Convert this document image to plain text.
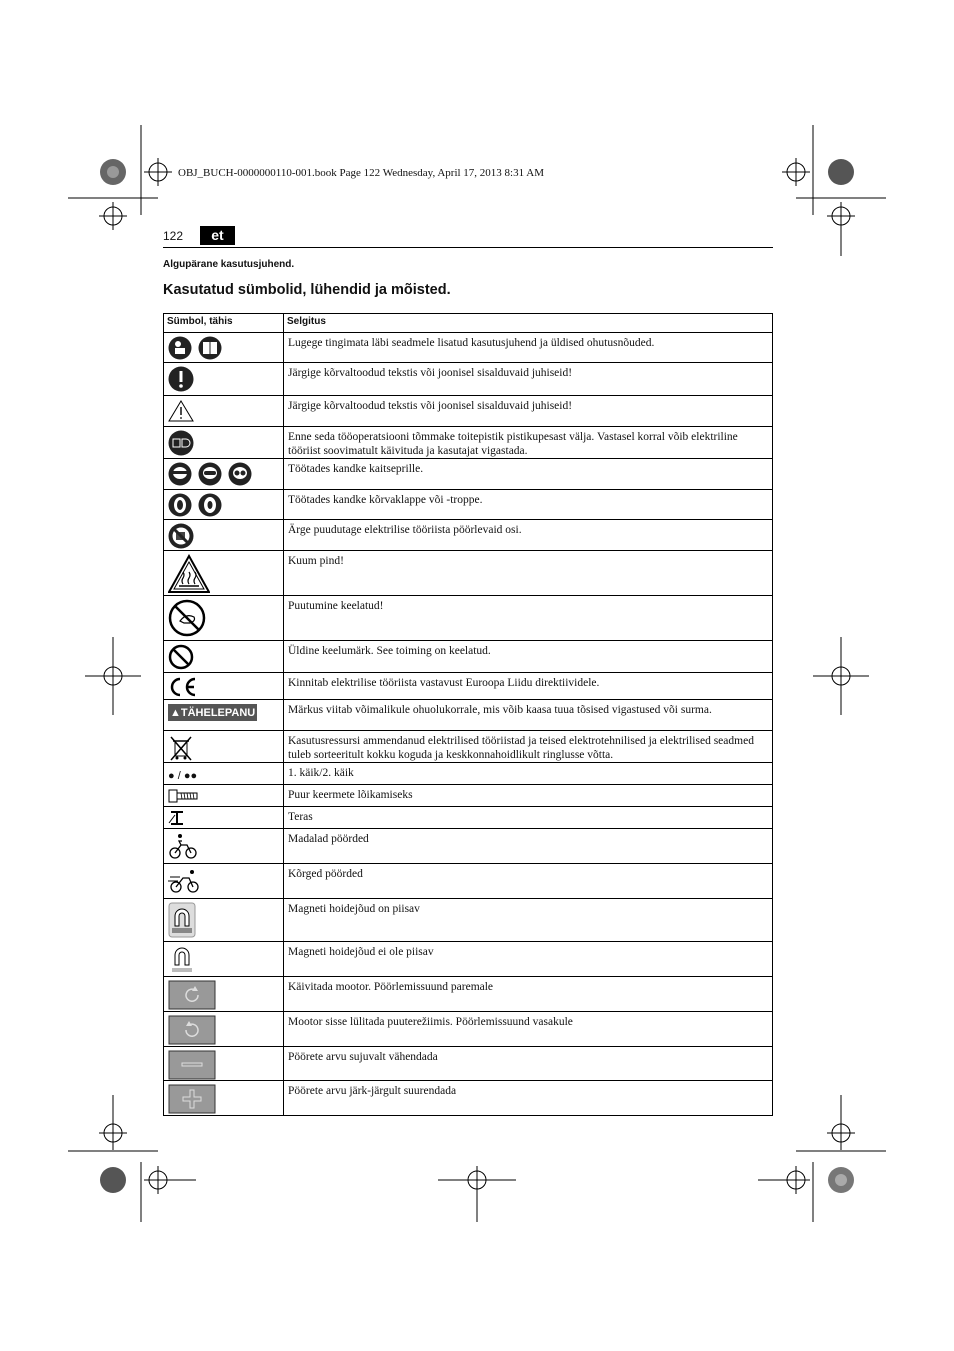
OBJ_BUCH-0000000110-001.book Page 122 Wednesday, April 17, 2013 8:31 AM
122	et
Algupärane kasutusjuhend.
Kasutatud sümbolid, lühendid ja mõisted.
Sümbol, tähis	Selgitus
	Lugege tingimata läbi seadmele lisatud kasutusjuhend ja üldised ohutusnõuded.
	Järgige kõrvaltoodud tekstis või joonisel sisalduvaid juhiseid!
	Järgige kõrvaltoodud tekstis või joonisel sisalduvaid juhiseid!
	Enne seda tööoperatsiooni tõmmake toitepistik pistikupesast välja. Vastasel korral võib elektriline tööriist soovimatult käivituda ja kasutajat vigastada.
	Töötades kandke kaitseprille.
	Töötades kandke kõrvaklappe või -troppe.
	Ärge puudutage elektrilise tööriista pöörlevaid osi.
	Kuum pind!
	Puutumine keelatud!
	Üldine keelumärk. See toiming on keelatud.
	Kinnitab elektrilise tööriista vastavust Euroopa Liidu direktiividele.
▲TÄHELEPANU	Märkus viitab võimalikule ohuolukorrale, mis võib kaasa tuua tõsised vigastused või surma.
	Kasutusressursi ammendanud elektrilised tööriistad ja teised elektrotehnilised ja elektrilised seadmed tuleb sorteeritult kokku koguda ja keskkonnahoidlikult ringlusse võtta.
● / ●●	1. käik/2. käik
	Puur keermete lõikamiseks
	Teras
	Madalad pöörded
	Kõrged pöörded
	Magneti hoidejõud on piisav
	Magneti hoidejõud ei ole piisav
	Käivitada mootor. Pöörlemissuund paremale
	Mootor sisse lülitada puuterežiimis. Pöörlemissuund vasakule
	Pöörete arvu sujuvalt vähendada
	Pöörete arvu järk-järgult suurendada
